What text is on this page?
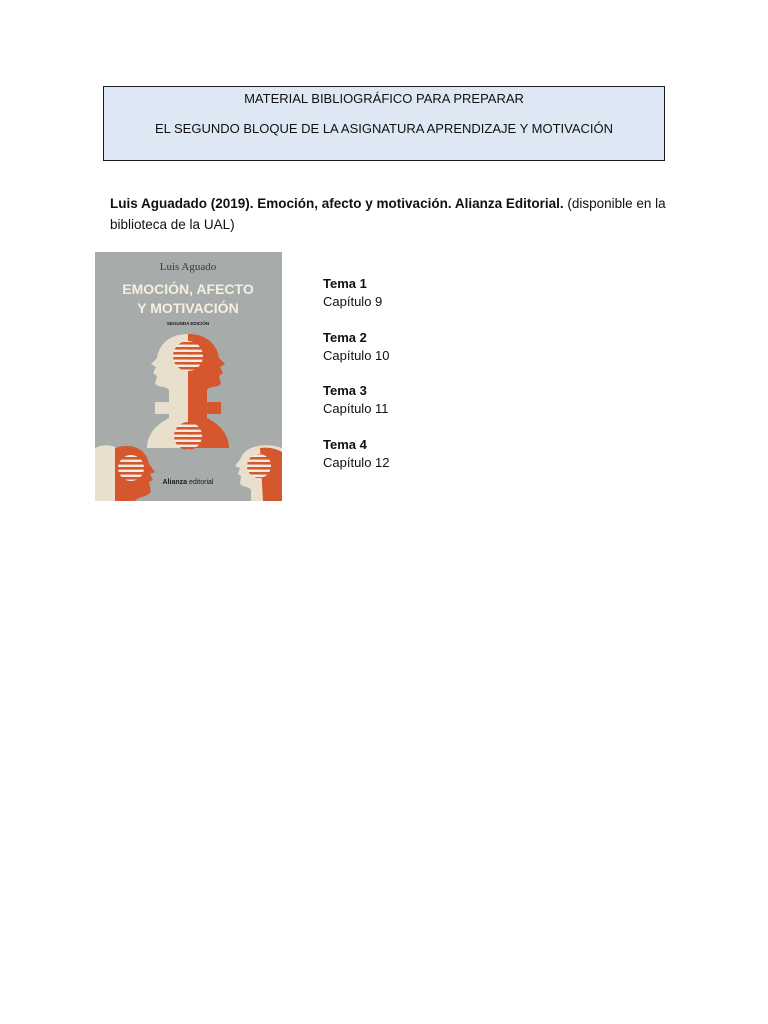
MATERIAL BIBLIOGRÁFICO PARA PREPARAR
EL SEGUNDO BLOQUE DE LA ASIGNATURA APRENDIZAJE Y MOTIVACIÓN
Luis Aguadado (2019). Emoción, afecto y motivación. Alianza Editorial. (disponible en la biblioteca de la UAL)
Luis Aguado
EMOCIÓN, AFECTO
Y MOTIVACIÓN
SEGUNDA EDICIÓN
Alianza editorial
Tema 1
Capítulo 9
Tema 2
Capítulo 10
Tema 3
Capítulo 11
Tema 4
Capítulo 12
